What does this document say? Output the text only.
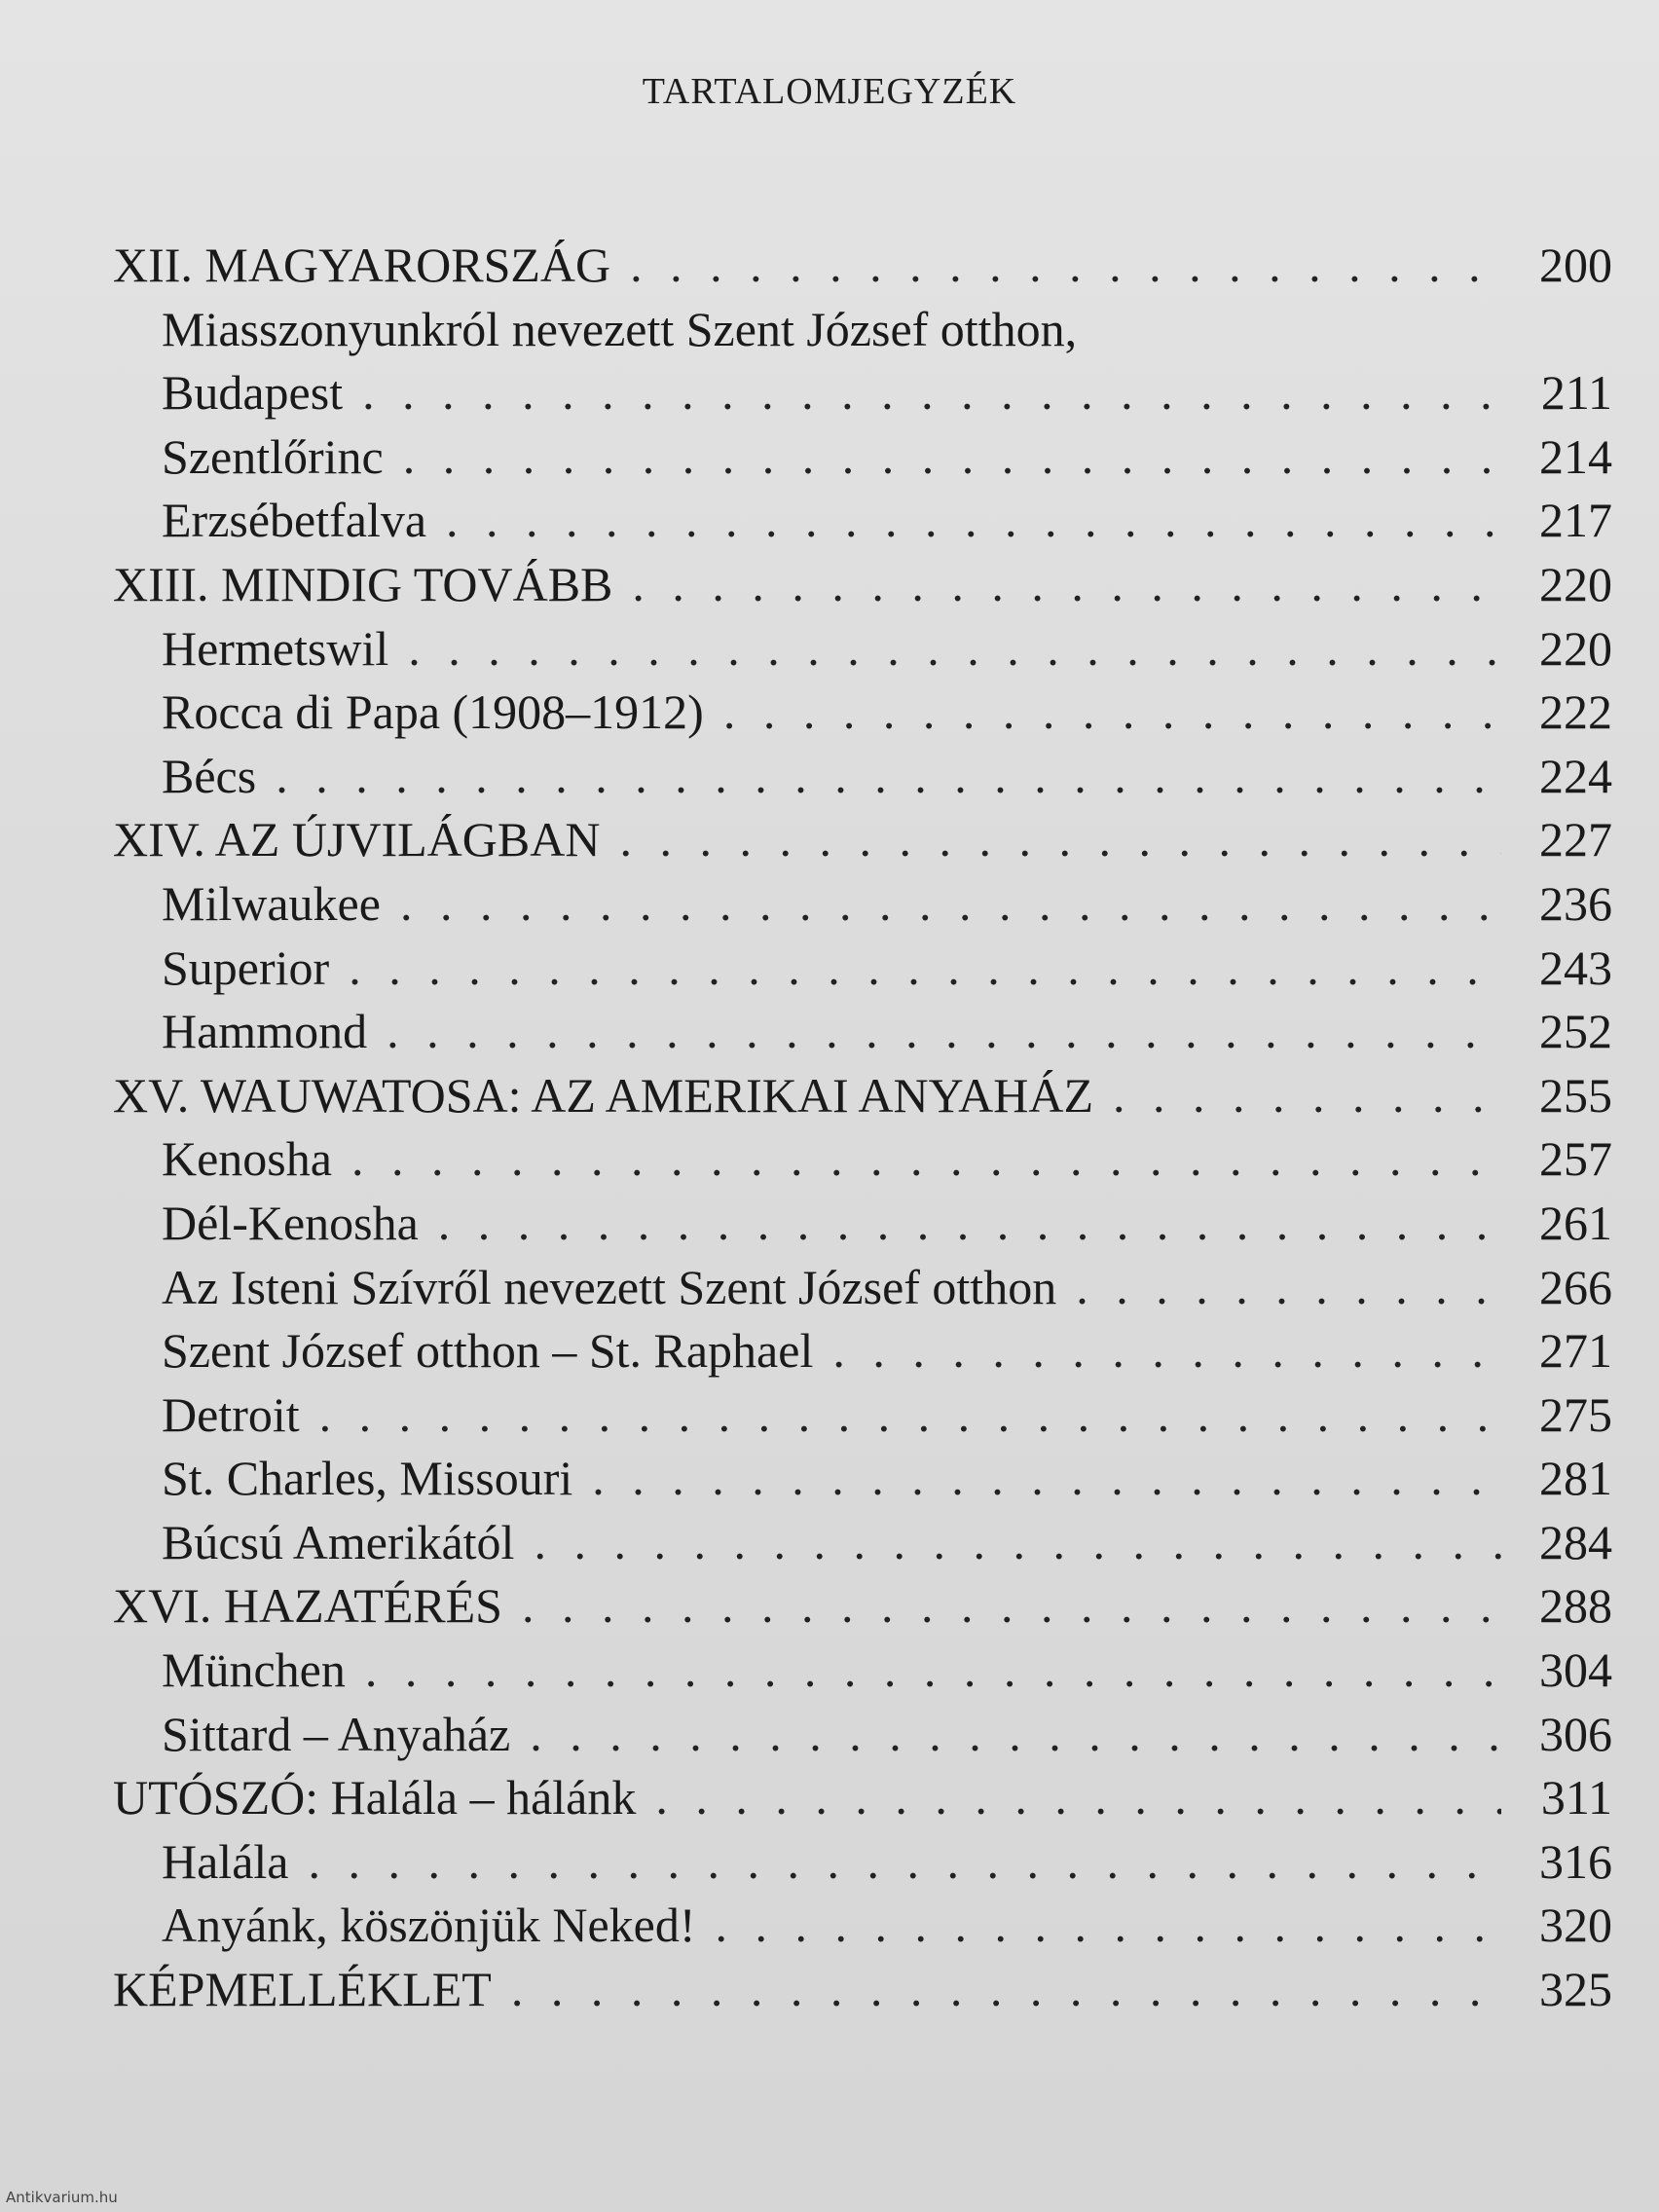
TARTALOMJEGYZÉK
XII. MAGYARORSZÁG . . .	200
Miasszonyunkról nevezett Szent József otthon,
Budapest . . .	211
Szentlőrinc . . .	214
Erzsébetfalva . . .	217
XIII. MINDIG TOVÁBB . . .	220
Hermetswil . . .	220
Rocca di Papa (1908–1912) . . .	222
Bécs . . .	224
XIV. AZ ÚJVILÁGBAN . . .	227
Milwaukee . . .	236
Superior . . .	243
Hammond . . .	252
XV. WAUWATOSA: AZ AMERIKAI ANYAHÁZ . . .	255
Kenosha . . .	257
Dél-Kenosha . . .	261
Az Isteni Szívről nevezett Szent József otthon . . .	266
Szent József otthon – St. Raphael . . .	271
Detroit . . .	275
St. Charles, Missouri . . .	281
Búcsú Amerikától . . .	284
XVI. HAZATÉRÉS . . .	288
München . . .	304
Sittard – Anyaház . . .	306
UTÓSZÓ: Halála – hálánk . . .	311
Halála . . .	316
Anyánk, köszönjük Neked! . . .	320
KÉPMELLÉKLET . . .	325
Antikvarium.hu
